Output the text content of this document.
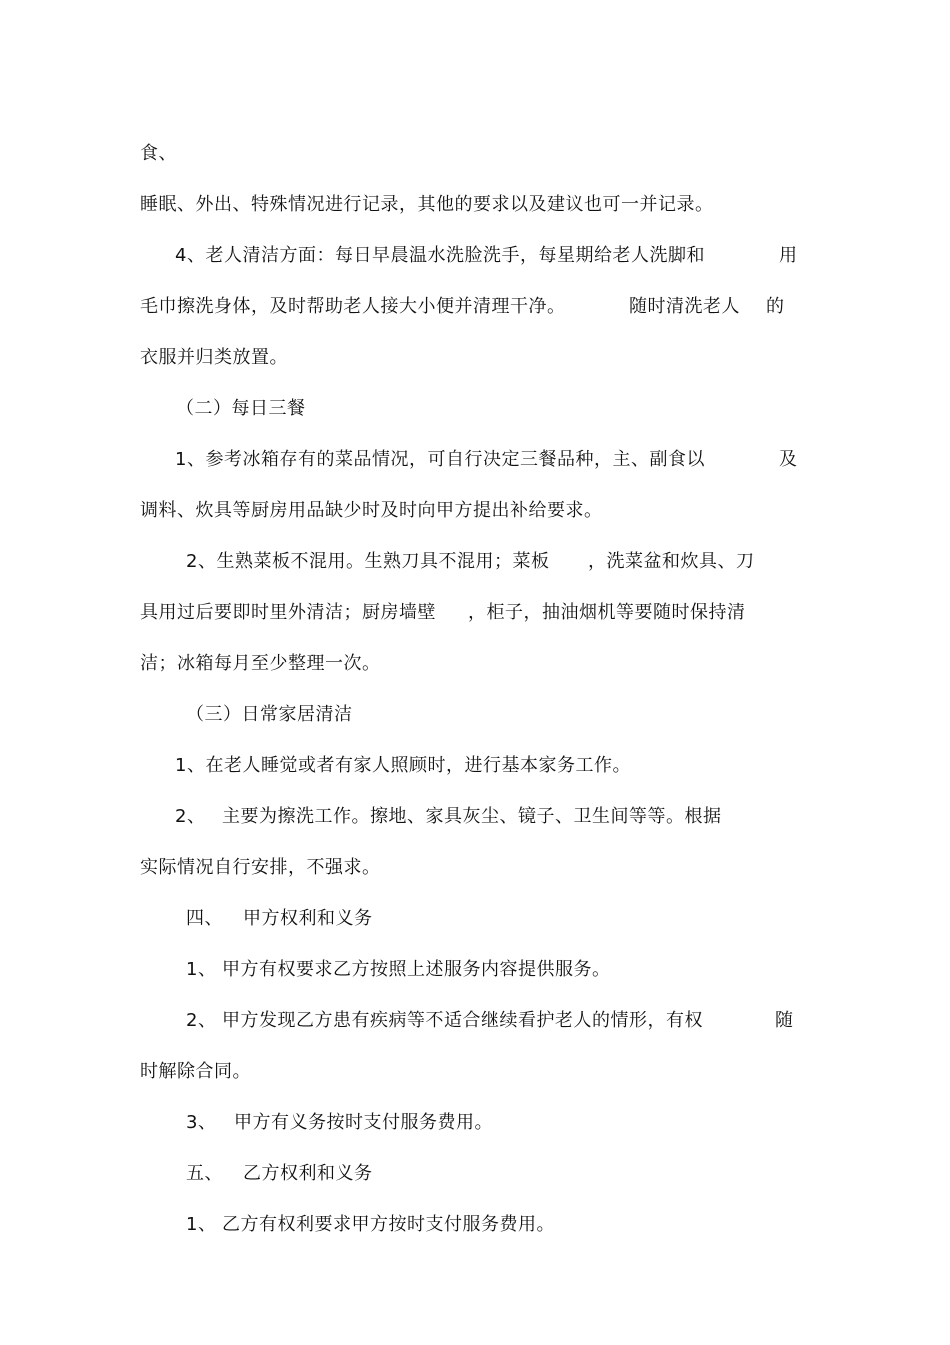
食、
睡眠、外出、特殊情况进行记录，其他的要求以及建议也可一并记录。
4、老人清洁方面：每日早晨温水洗脸洗手，每星期给老人洗脚和	用
毛巾擦洗身体，及时帮助老人接大小便并清理干净。	随时清洗老人 的
衣服并归类放置。
（二）每日三餐
1、参考冰箱存有的菜品情况，可自行决定三餐品种，主、副食以	及
调料、炊具等厨房用品缺少时及时向甲方提出补给要求。
2、生熟菜板不混用。生熟刀具不混用；菜板 ，洗菜盆和炊具、刀
具用过后要即时里外清洁；厨房墙壁 ，柜子，抽油烟机等要随时保持清
洁；冰箱每月至少整理一次。
（三）日常家居清洁
1、在老人睡觉或者有家人照顾时，进行基本家务工作。
2、 主要为擦洗工作。擦地、家具灰尘、镜子、卫生间等等。根据
实际情况自行安排，不强求。
四、 甲方权利和义务
1、 甲方有权要求乙方按照上述服务内容提供服务。
2、 甲方发现乙方患有疾病等不适合继续看护老人的情形，有权	随
时解除合同。
3、 甲方有义务按时支付服务费用。
五、 乙方权利和义务
1、 乙方有权利要求甲方按时支付服务费用。
